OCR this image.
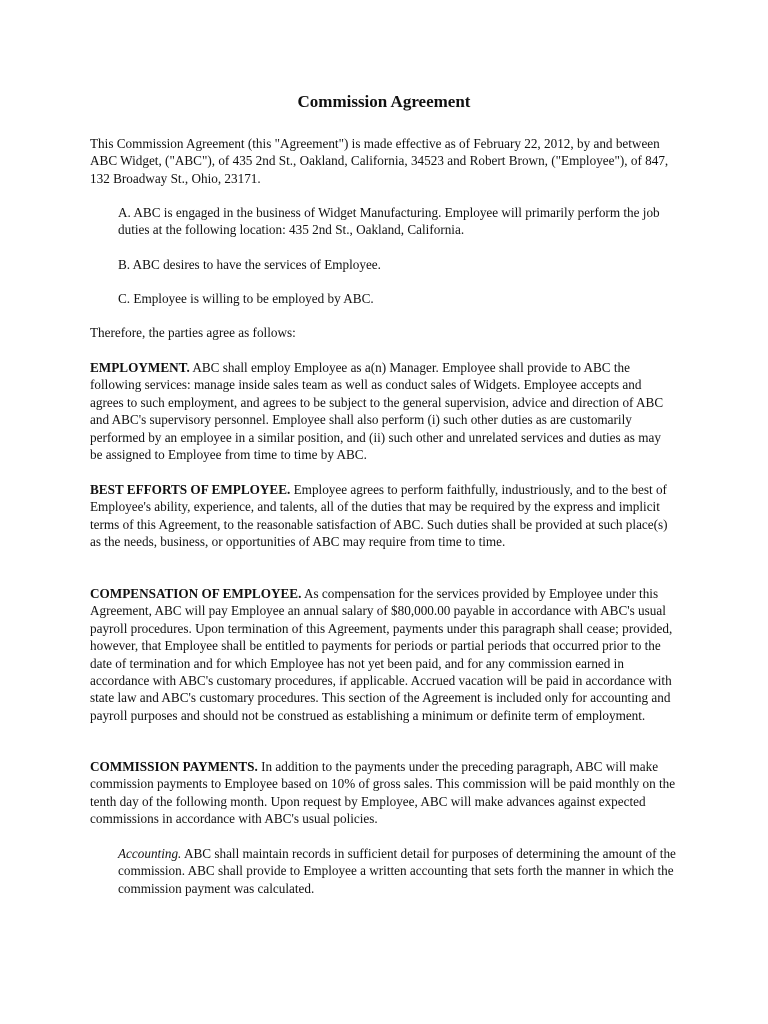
Commission Agreement

This Commission Agreement (this "Agreement") is made effective as of February 22, 2012, by and between ABC Widget, ("ABC"), of 435 2nd St., Oakland, California, 34523 and Robert Brown, ("Employee"), of 847, 132 Broadway St., Ohio, 23171.

A. ABC is engaged in the business of Widget Manufacturing. Employee will primarily perform the job duties at the following location: 435 2nd St., Oakland, California.

B. ABC desires to have the services of Employee.

C. Employee is willing to be employed by ABC.

Therefore, the parties agree as follows:

EMPLOYMENT. ABC shall employ Employee as a(n) Manager. Employee shall provide to ABC the following services: manage inside sales team as well as conduct sales of Widgets. Employee accepts and agrees to such employment, and agrees to be subject to the general supervision, advice and direction of ABC and ABC's supervisory personnel. Employee shall also perform (i) such other duties as are customarily performed by an employee in a similar position, and (ii) such other and unrelated services and duties as may be assigned to Employee from time to time by ABC.

BEST EFFORTS OF EMPLOYEE. Employee agrees to perform faithfully, industriously, and to the best of Employee's ability, experience, and talents, all of the duties that may be required by the express and implicit terms of this Agreement, to the reasonable satisfaction of ABC. Such duties shall be provided at such place(s) as the needs, business, or opportunities of ABC may require from time to time.

COMPENSATION OF EMPLOYEE. As compensation for the services provided by Employee under this Agreement, ABC will pay Employee an annual salary of $80,000.00 payable in accordance with ABC's usual payroll procedures. Upon termination of this Agreement, payments under this paragraph shall cease; provided, however, that Employee shall be entitled to payments for periods or partial periods that occurred prior to the date of termination and for which Employee has not yet been paid, and for any commission earned in accordance with ABC's customary procedures, if applicable. Accrued vacation will be paid in accordance with state law and ABC's customary procedures. This section of the Agreement is included only for accounting and payroll purposes and should not be construed as establishing a minimum or definite term of employment.

COMMISSION PAYMENTS. In addition to the payments under the preceding paragraph, ABC will make commission payments to Employee based on 10% of gross sales. This commission will be paid monthly on the tenth day of the following month. Upon request by Employee, ABC will make advances against expected commissions in accordance with ABC's usual policies.

Accounting. ABC shall maintain records in sufficient detail for purposes of determining the amount of the commission. ABC shall provide to Employee a written accounting that sets forth the manner in which the commission payment was calculated.
